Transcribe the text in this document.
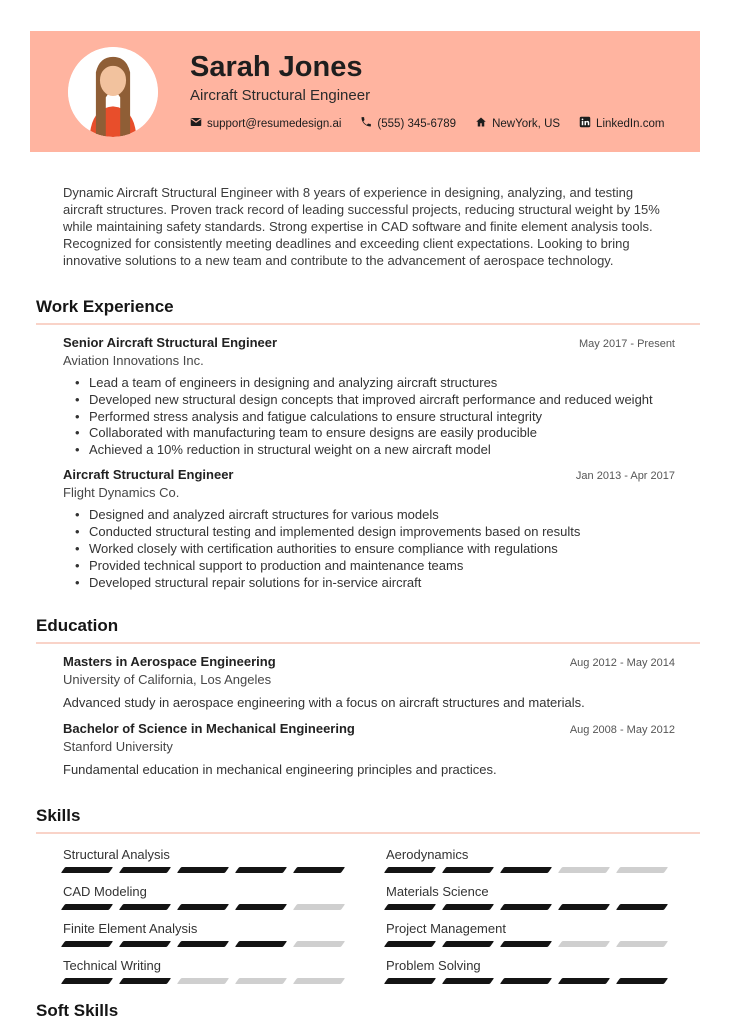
Sarah Jones
Aircraft Structural Engineer
support@resumedesign.ai	(555) 345-6789	NewYork, US	LinkedIn.com

Dynamic Aircraft Structural Engineer with 8 years of experience in designing, analyzing, and testing aircraft structures. Proven track record of leading successful projects, reducing structural weight by 15% while maintaining safety standards. Strong expertise in CAD software and finite element analysis tools. Recognized for consistently meeting deadlines and exceeding client expectations. Looking to bring innovative solutions to a new team and contribute to the advancement of aerospace technology.

Work Experience
Senior Aircraft Structural Engineer	May 2017 - Present
Aviation Innovations Inc.
• Lead a team of engineers in designing and analyzing aircraft structures
• Developed new structural design concepts that improved aircraft performance and reduced weight
• Performed stress analysis and fatigue calculations to ensure structural integrity
• Collaborated with manufacturing team to ensure designs are easily producible
• Achieved a 10% reduction in structural weight on a new aircraft model
Aircraft Structural Engineer	Jan 2013 - Apr 2017
Flight Dynamics Co.
• Designed and analyzed aircraft structures for various models
• Conducted structural testing and implemented design improvements based on results
• Worked closely with certification authorities to ensure compliance with regulations
• Provided technical support to production and maintenance teams
• Developed structural repair solutions for in-service aircraft
Education
Masters in Aerospace Engineering	Aug 2012 - May 2014
University of California, Los Angeles
Advanced study in aerospace engineering with a focus on aircraft structures and materials.
Bachelor of Science in Mechanical Engineering	Aug 2008 - May 2012
Stanford University
Fundamental education in mechanical engineering principles and practices.
Skills
Structural Analysis	Aerodynamics
CAD Modeling	Materials Science
Finite Element Analysis	Project Management
Technical Writing	Problem Solving
Soft Skills
